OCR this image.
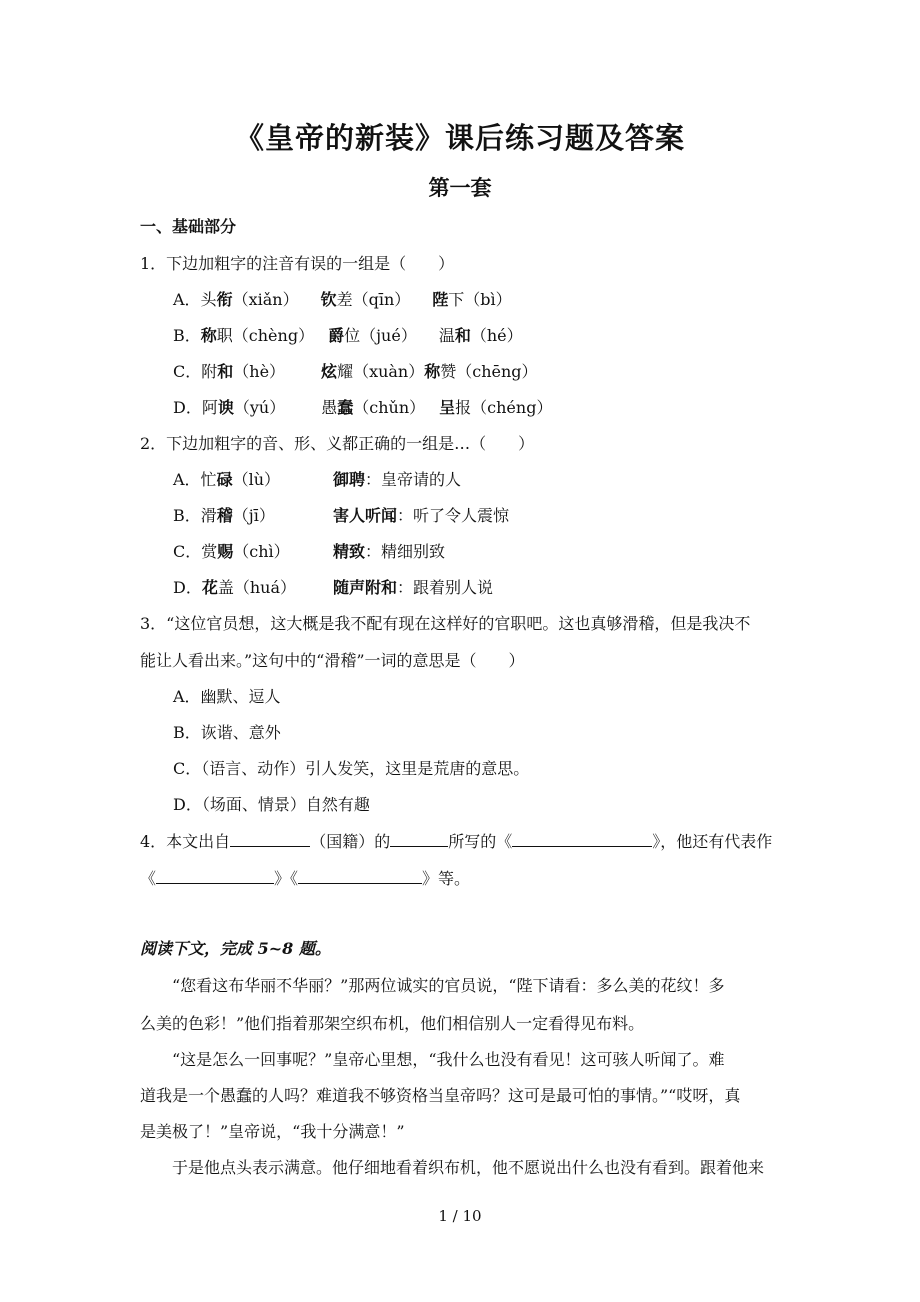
《皇帝的新装》课后练习题及答案
第一套
一、基础部分
1．下边加粗字的注音有误的一组是（　　）
A．头衔（xiǎn） 钦差（qīn） 陛下（bì）
B．称职（chèng） 爵位（jué） 温和（hé）
C．附和（hè） 炫耀（xuàn）称赞（chēng）
D．阿谀（yú） 愚蠢（chǔn） 呈报（chéng）
2．下边加粗字的音、形、义都正确的一组是…（　　）
A．忙碌（lù）	御聘：皇帝请的人
B．滑稽（jī）	害人听闻：听了令人震惊
C．赏赐（chì）	精致：精细别致
D．花盖（huá） 随声附和：跟着别人说
3．“这位官员想，这大概是我不配有现在这样好的官职吧。这也真够滑稽，但是我决不
能让人看出来。”这句中的“滑稽”一词的意思是（　　）
A．幽默、逗人
B．诙谐、意外
C．（语言、动作）引人发笑，这里是荒唐的意思。
D．（场面、情景）自然有趣
4．本文出自	（国籍）的	所写的《	》，他还有代表作
《	》《	》等。
阅读下文，完成 5~8 题。
“您看这布华丽不华丽？”那两位诚实的官员说，“陛下请看：多么美的花纹！多
么美的色彩！”他们指着那架空织布机，他们相信别人一定看得见布料。
“这是怎么一回事呢？”皇帝心里想，“我什么也没有看见！这可骇人听闻了。难
道我是一个愚蠢的人吗？难道我不够资格当皇帝吗？这可是最可怕的事情。”“哎呀，真
是美极了！”皇帝说，“我十分满意！”
于是他点头表示满意。他仔细地看着织布机，他不愿说出什么也没有看到。跟着他来
1 / 10
